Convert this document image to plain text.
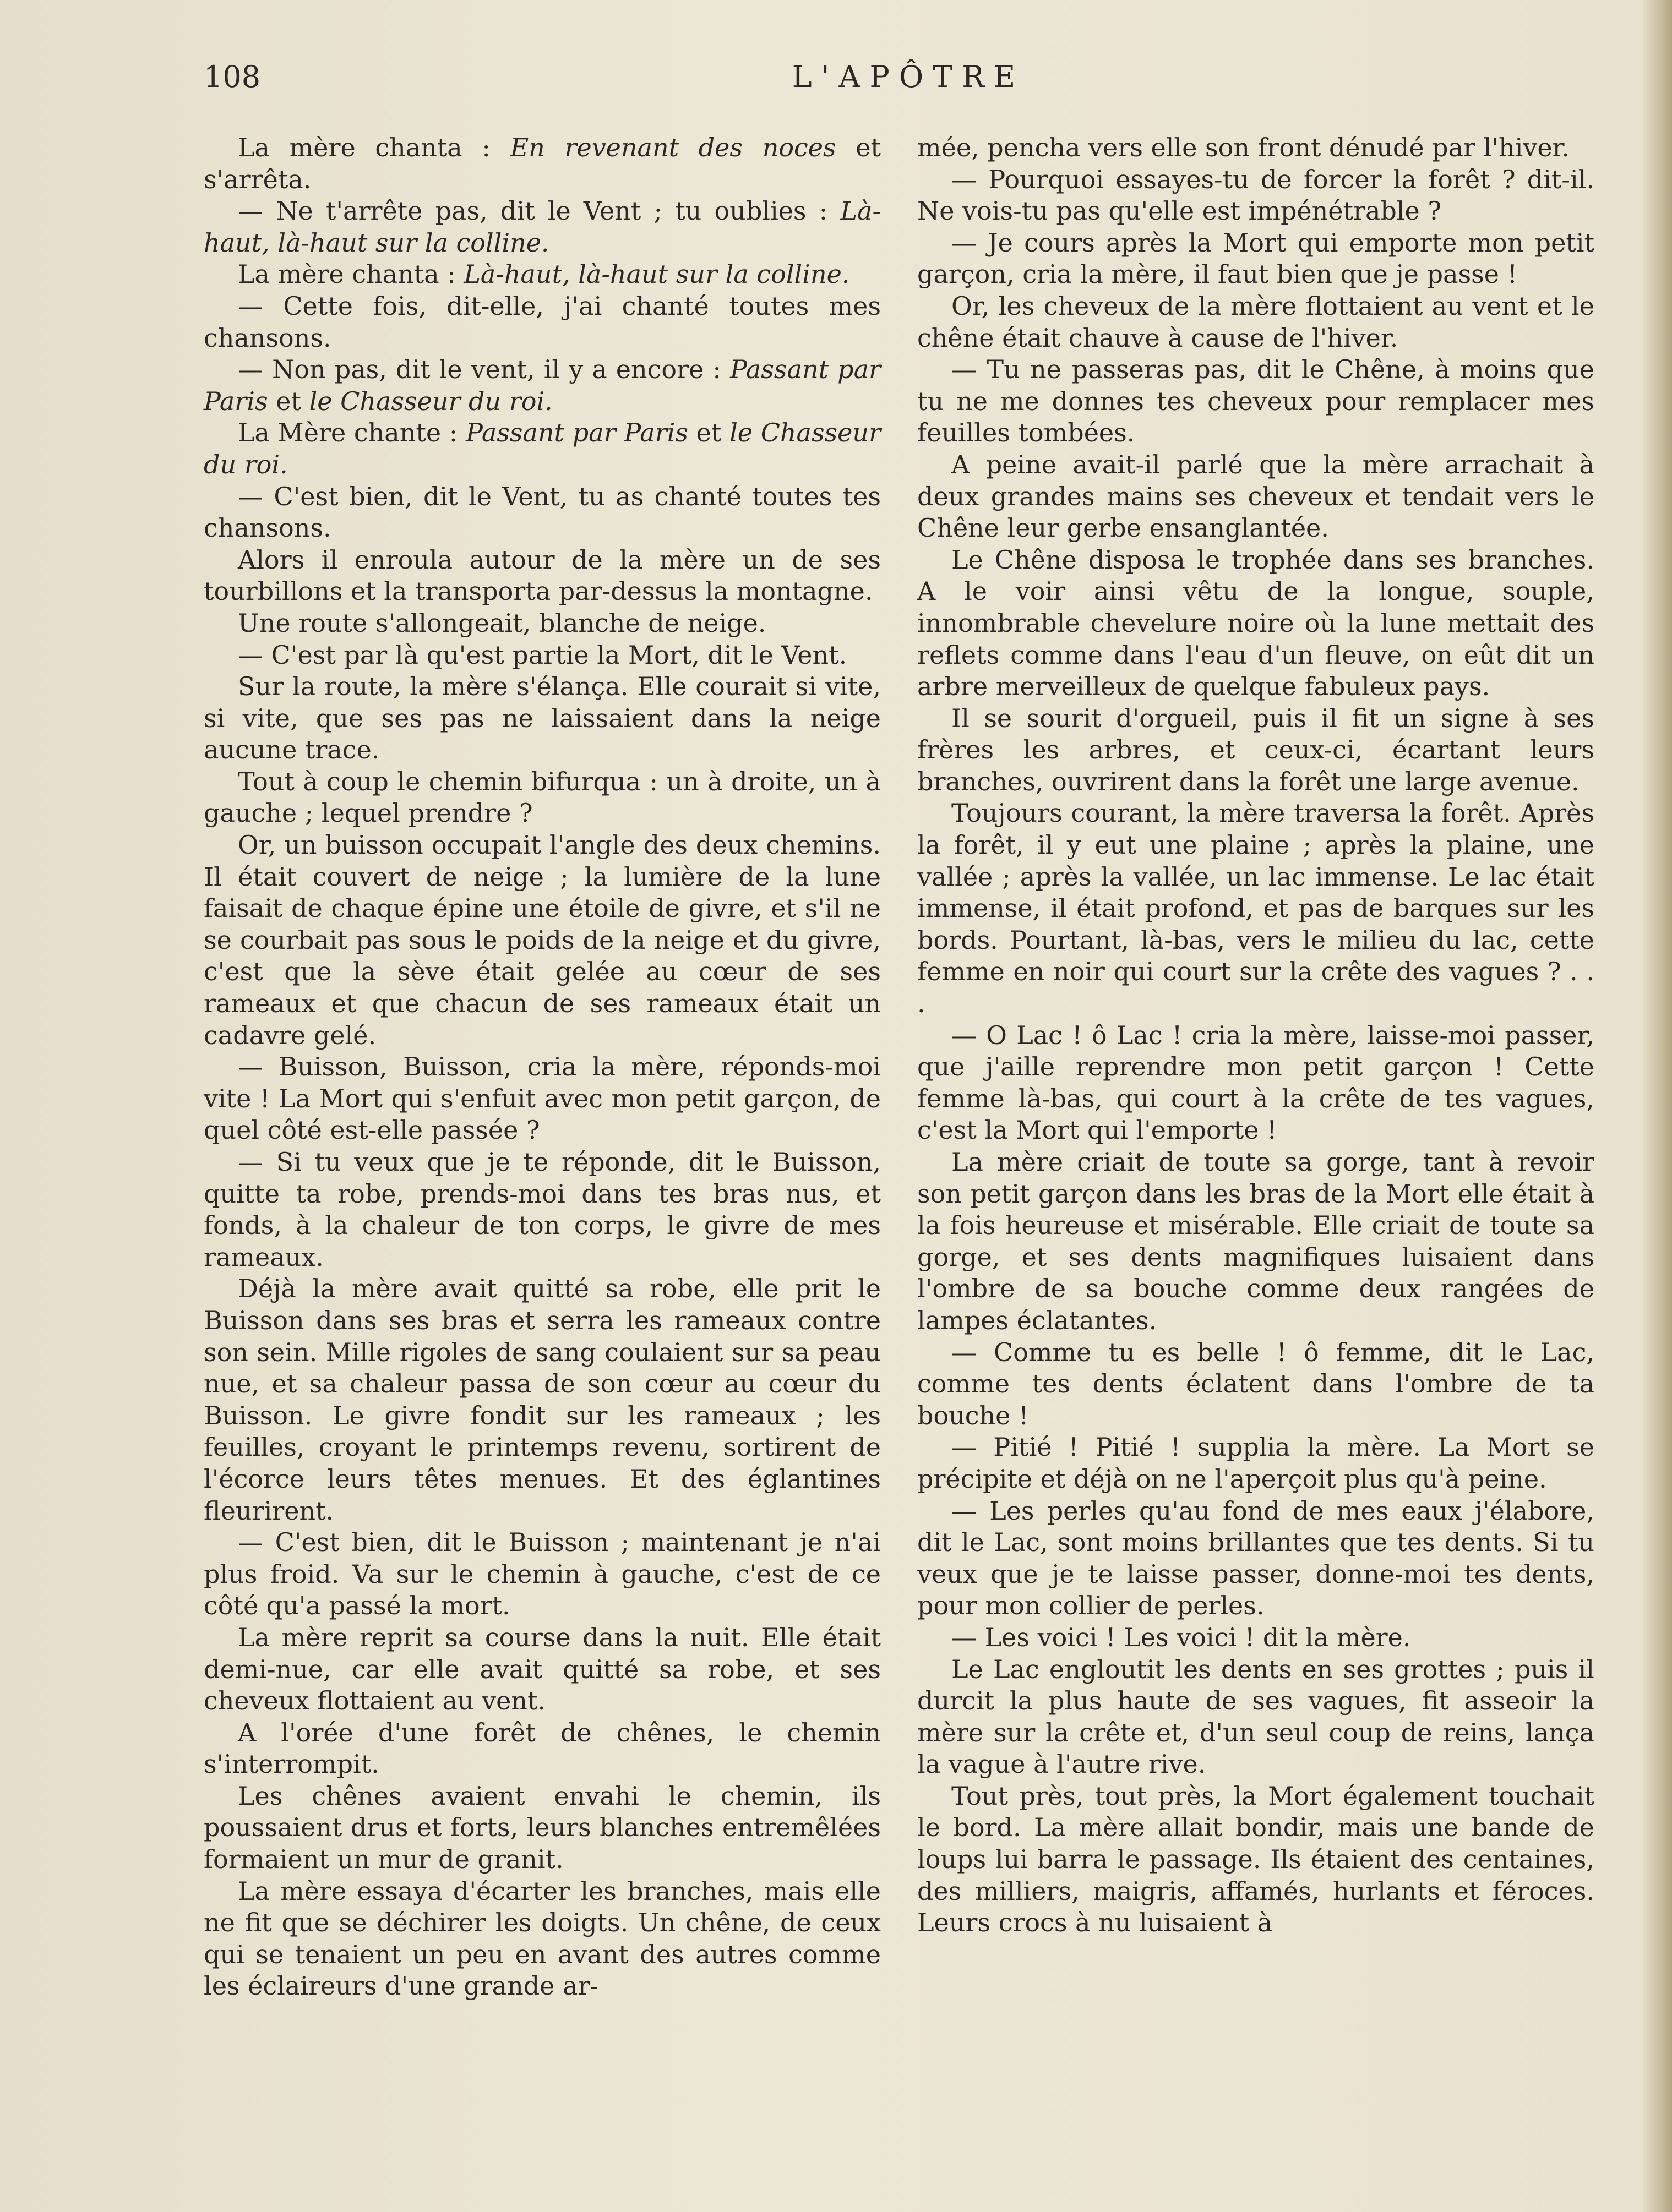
108	L'APÔTRE

La mère chanta : En revenant des noces et s'arrêta.

— Ne t'arrête pas, dit le Vent ; tu oublies : Là-haut, là-haut sur la colline.

La mère chanta : Là-haut, là-haut sur la colline.

— Cette fois, dit-elle, j'ai chanté toutes mes chansons.

— Non pas, dit le vent, il y a encore : Passant par Paris et le Chasseur du roi.

La Mère chante : Passant par Paris et le Chasseur du roi.

— C'est bien, dit le Vent, tu as chanté toutes tes chansons.

Alors il enroula autour de la mère un de ses tourbillons et la transporta par-dessus la montagne.

Une route s'allongeait, blanche de neige.

— C'est par là qu'est partie la Mort, dit le Vent.

Sur la route, la mère s'élança. Elle courait si vite, si vite, que ses pas ne laissaient dans la neige aucune trace.

Tout à coup le chemin bifurqua : un à droite, un à gauche ; lequel prendre ?

Or, un buisson occupait l'angle des deux chemins. Il était couvert de neige ; la lumière de la lune faisait de chaque épine une étoile de givre, et s'il ne se courbait pas sous le poids de la neige et du givre, c'est que la sève était gelée au cœur de ses rameaux et que chacun de ses rameaux était un cadavre gelé.

— Buisson, Buisson, cria la mère, réponds-moi vite ! La Mort qui s'enfuit avec mon petit garçon, de quel côté est-elle passée ?

— Si tu veux que je te réponde, dit le Buisson, quitte ta robe, prends-moi dans tes bras nus, et fonds, à la chaleur de ton corps, le givre de mes rameaux.

Déjà la mère avait quitté sa robe, elle prit le Buisson dans ses bras et serra les rameaux contre son sein. Mille rigoles de sang coulaient sur sa peau nue, et sa chaleur passa de son cœur au cœur du Buisson. Le givre fondit sur les rameaux ; les feuilles, croyant le printemps revenu, sortirent de l'écorce leurs têtes menues. Et des églantines fleurirent.

— C'est bien, dit le Buisson ; maintenant je n'ai plus froid. Va sur le chemin à gauche, c'est de ce côté qu'a passé la mort.

La mère reprit sa course dans la nuit. Elle était demi-nue, car elle avait quitté sa robe, et ses cheveux flottaient au vent.

A l'orée d'une forêt de chênes, le chemin s'interrompit.

Les chênes avaient envahi le chemin, ils poussaient drus et forts, leurs blanches entremêlées formaient un mur de granit.

La mère essaya d'écarter les branches, mais elle ne fit que se déchirer les doigts. Un chêne, de ceux qui se tenaient un peu en avant des autres comme les éclaireurs d'une grande ar-

mée, pencha vers elle son front dénudé par l'hiver.

— Pourquoi essayes-tu de forcer la forêt ? dit-il. Ne vois-tu pas qu'elle est impénétrable ?

— Je cours après la Mort qui emporte mon petit garçon, cria la mère, il faut bien que je passe !

Or, les cheveux de la mère flottaient au vent et le chêne était chauve à cause de l'hiver.

— Tu ne passeras pas, dit le Chêne, à moins que tu ne me donnes tes cheveux pour remplacer mes feuilles tombées.

A peine avait-il parlé que la mère arrachait à deux grandes mains ses cheveux et tendait vers le Chêne leur gerbe ensanglantée.

Le Chêne disposa le trophée dans ses branches. A le voir ainsi vêtu de la longue, souple, innombrable chevelure noire où la lune mettait des reflets comme dans l'eau d'un fleuve, on eût dit un arbre merveilleux de quelque fabuleux pays.

Il se sourit d'orgueil, puis il fit un signe à ses frères les arbres, et ceux-ci, écartant leurs branches, ouvrirent dans la forêt une large avenue.

Toujours courant, la mère traversa la forêt. Après la forêt, il y eut une plaine ; après la plaine, une vallée ; après la vallée, un lac immense. Le lac était immense, il était profond, et pas de barques sur les bords. Pourtant, là-bas, vers le milieu du lac, cette femme en noir qui court sur la crête des vagues ? . . .

— O Lac ! ô Lac ! cria la mère, laisse-moi passer, que j'aille reprendre mon petit garçon ! Cette femme là-bas, qui court à la crête de tes vagues, c'est la Mort qui l'emporte !

La mère criait de toute sa gorge, tant à revoir son petit garçon dans les bras de la Mort elle était à la fois heureuse et misérable. Elle criait de toute sa gorge, et ses dents magnifiques luisaient dans l'ombre de sa bouche comme deux rangées de lampes éclatantes.

— Comme tu es belle ! ô femme, dit le Lac, comme tes dents éclatent dans l'ombre de ta bouche !

— Pitié ! Pitié ! supplia la mère. La Mort se précipite et déjà on ne l'aperçoit plus qu'à peine.

— Les perles qu'au fond de mes eaux j'élabore, dit le Lac, sont moins brillantes que tes dents. Si tu veux que je te laisse passer, donne-moi tes dents, pour mon collier de perles.

— Les voici ! Les voici ! dit la mère.

Le Lac engloutit les dents en ses grottes ; puis il durcit la plus haute de ses vagues, fit asseoir la mère sur la crête et, d'un seul coup de reins, lança la vague à l'autre rive.

Tout près, tout près, la Mort également touchait le bord. La mère allait bondir, mais une bande de loups lui barra le passage. Ils étaient des centaines, des milliers, maigris, affamés, hurlants et féroces. Leurs crocs à nu luisaient à
